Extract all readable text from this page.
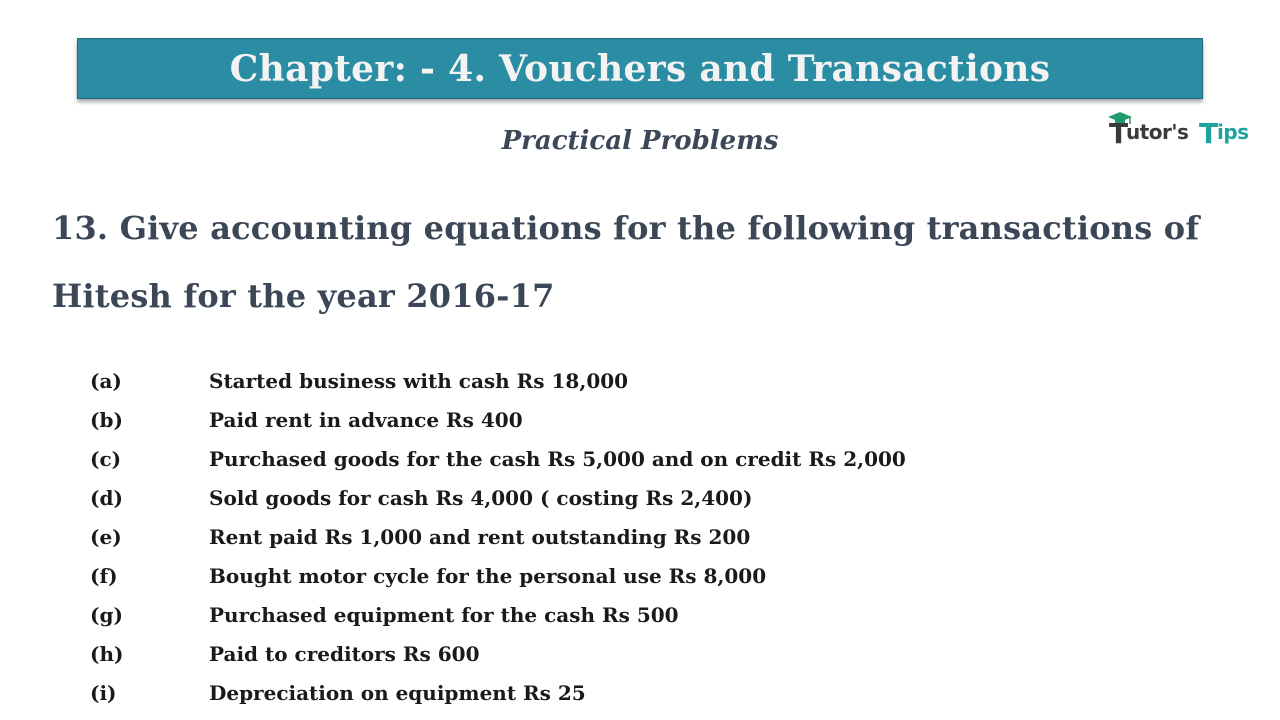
Chapter: - 4. Vouchers and Transactions
Practical Problems	T	T
utor's ips
13. Give accounting equations for the following transactions of Hitesh for the year 2016-17
(a)	Started business with cash Rs 18,000
(b)	Paid rent in advance Rs 400
(c)	Purchased goods for the cash Rs 5,000 and on credit Rs 2,000
(d)	Sold goods for cash Rs 4,000 ( costing Rs 2,400)
(e)	Rent paid Rs 1,000 and rent outstanding Rs 200
(f)	Bought motor cycle for the personal use Rs 8,000
(g)	Purchased equipment for the cash Rs 500
(h)	Paid to creditors Rs 600
(i)	Depreciation on equipment Rs 25
